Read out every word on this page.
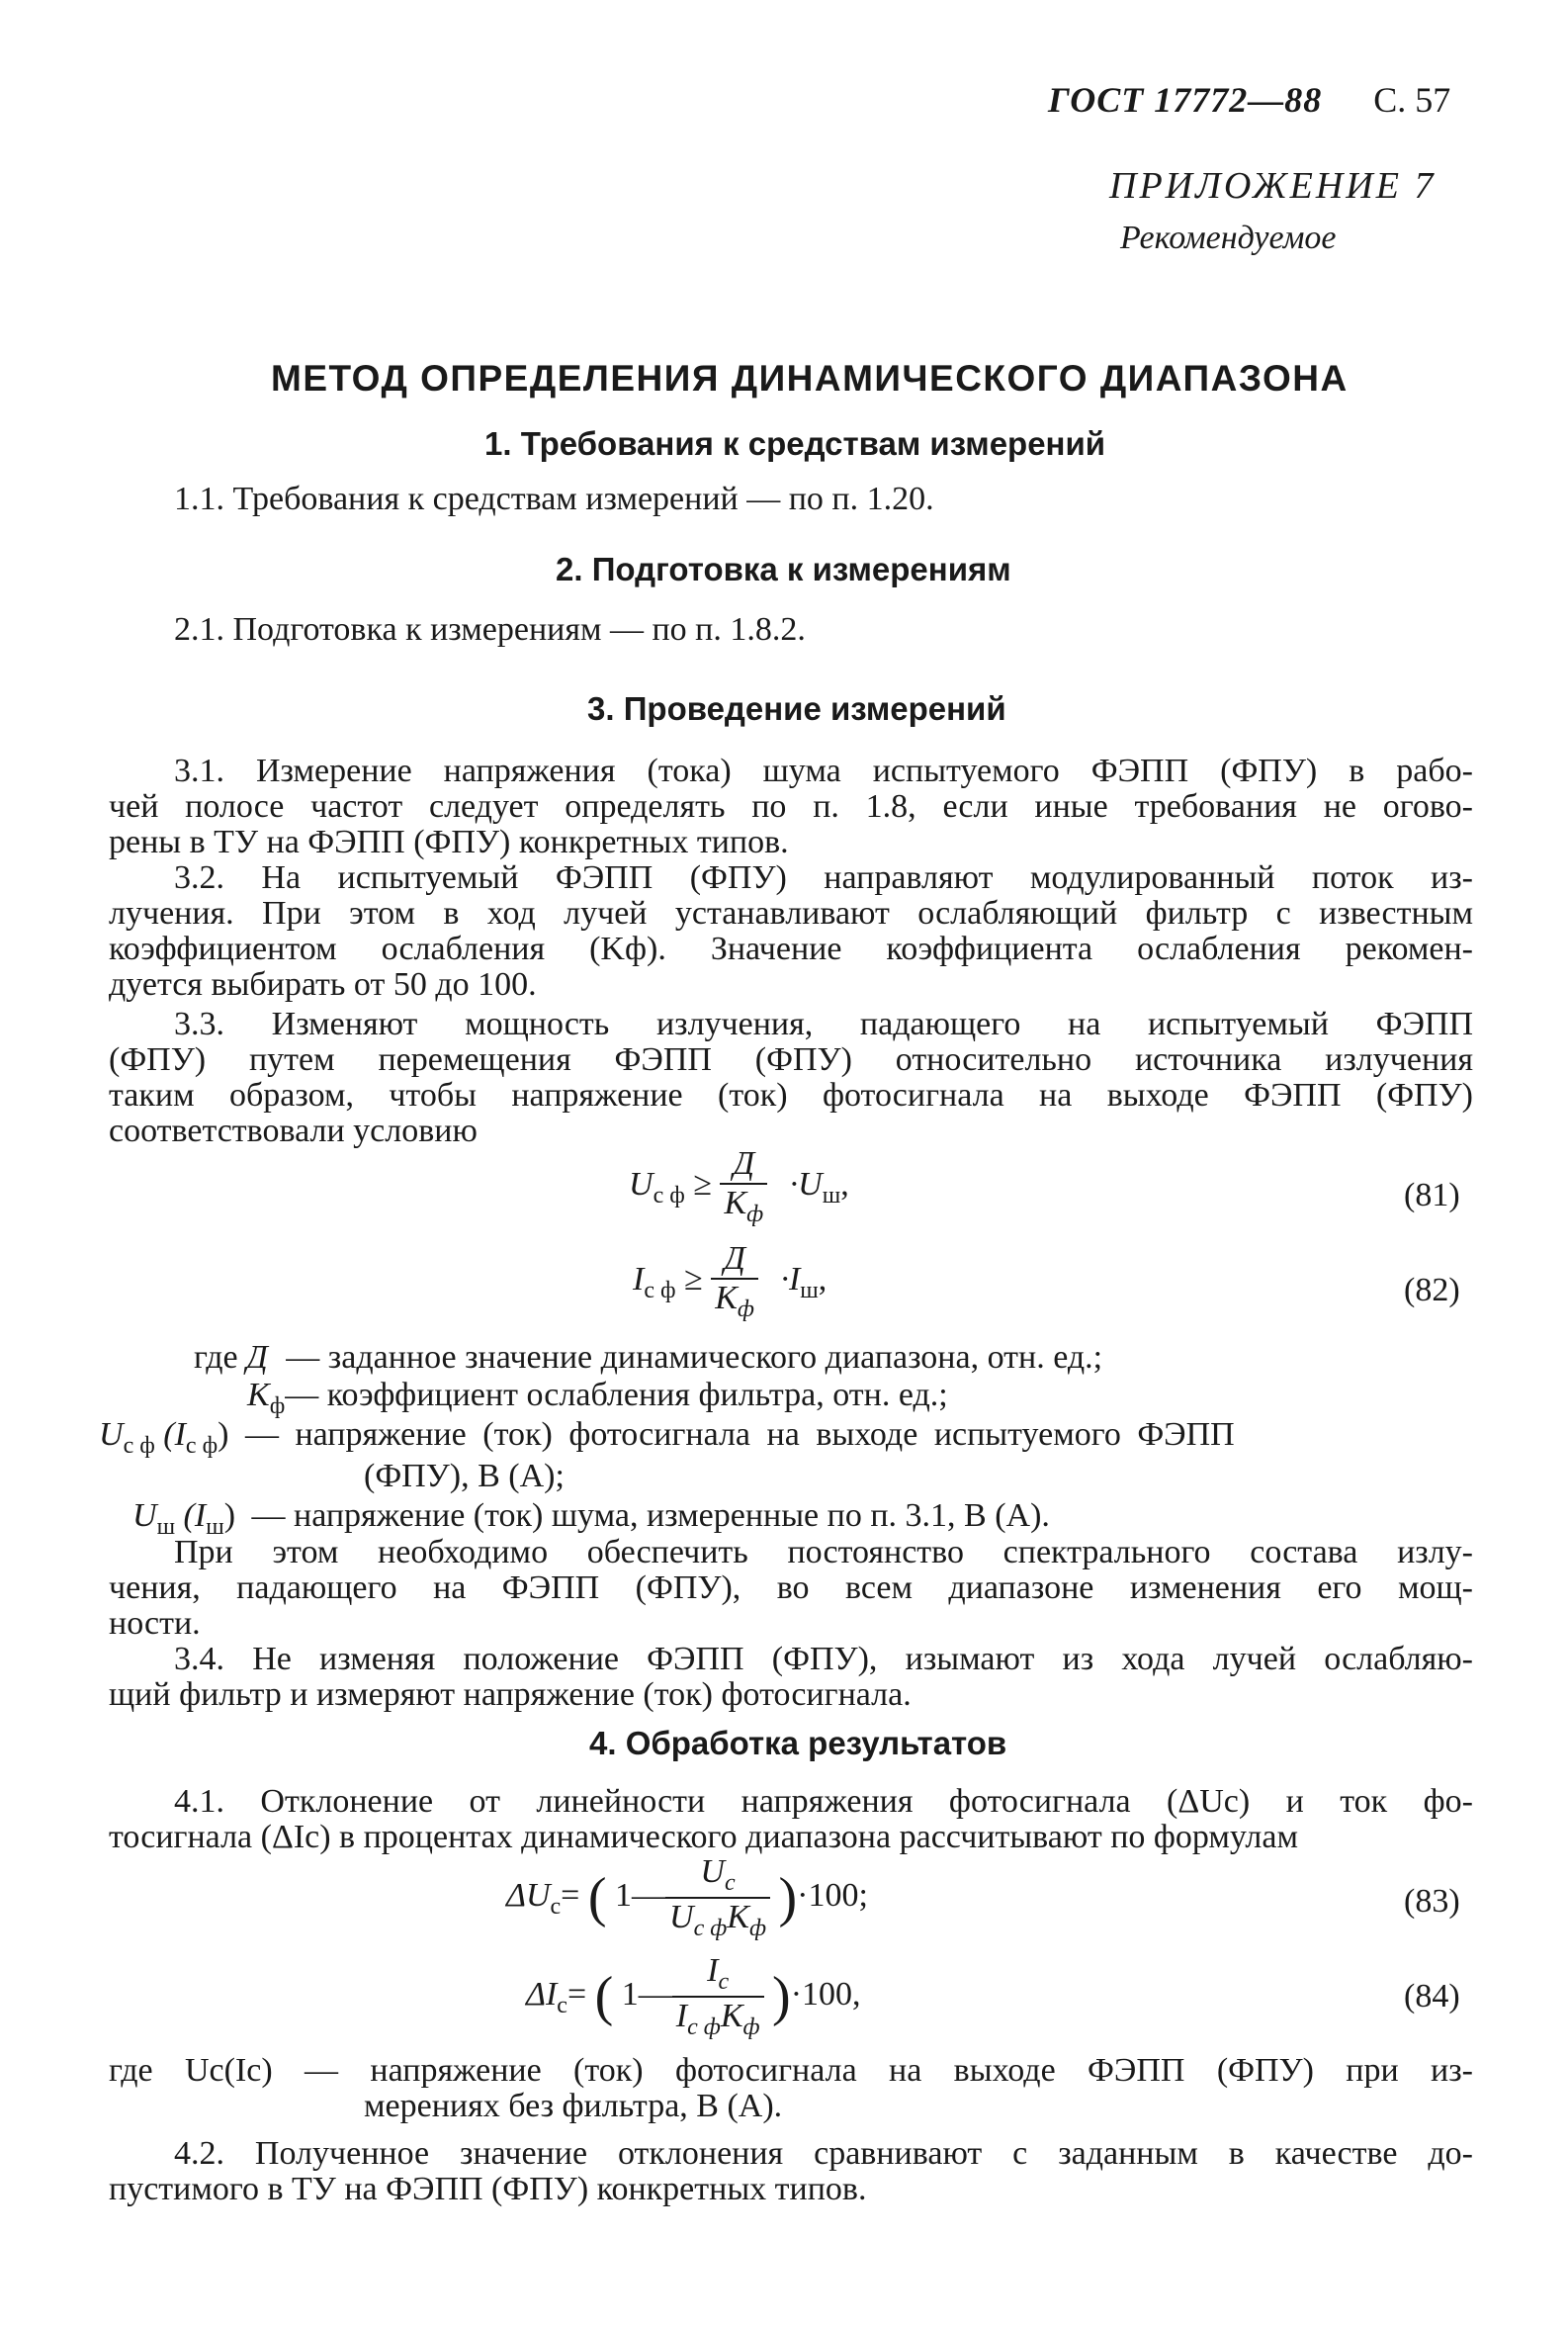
ГОСТ 17772—88 С. 57
ПРИЛОЖЕНИЕ 7
Рекомендуемое
МЕТОД ОПРЕДЕЛЕНИЯ ДИНАМИЧЕСКОГО ДИАПАЗОНА
1. Требования к средствам измерений
1.1. Требования к средствам измерений — по п. 1.20.
2. Подготовка к измерениям
2.1. Подготовка к измерениям — по п. 1.8.2.
3. Проведение измерений
3.1. Измерение напряжения (тока) шума испытуемого ФЭПП (ФПУ) в рабо-
чей полосе частот следует определять по п. 1.8, если иные требования не огово-
рены в ТУ на ФЭПП (ФПУ) конкретных типов.
3.2. На испытуемый ФЭПП (ФПУ) направляют модулированный поток из-
лучения. При этом в ход лучей устанавливают ослабляющий фильтр с известным
коэффициентом ослабления (Kф). Значение коэффициента ослабления рекомен-
дуется выбирать от 50 до 100.
3.3. Изменяют мощность излучения, падающего на испытуемый ФЭПП
(ФПУ) путем перемещения ФЭПП (ФПУ) относительно источника излучения
таким образом, чтобы напряжение (ток) фотосигнала на выходе ФЭПП (ФПУ)
соответствовали условию
$U_{с ф} \ge \frac{Д}{K_ф} \cdot U_ш$,	(81)
$I_{с ф} \ge \frac{Д}{K_ф} \cdot I_ш$,	(82)
где Д — заданное значение динамического диапазона, отн. ед.;
$K_ф—$ коэффициент ослабления фильтра, отн. ед.;
$U_{с ф}$ $(I_{с ф})$ — напряжение (ток) фотосигнала на выходе испытуемого ФЭПП
(ФПУ), В (А);
$U_ш$ $(I_ш)$ — напряжение (ток) шума, измеренные по п. 3.1, В (А).
При этом необходимо обеспечить постоянство спектрального состава излу-
чения, падающего на ФЭПП (ФПУ), во всем диапазоне изменения его мощ-
ности.
3.4. Не изменяя положение ФЭПП (ФПУ), изымают из хода лучей ослабляю-
щий фильтр и измеряют напряжение (ток) фотосигнала.
4. Обработка результатов
4.1. Отклонение от линейности напряжения фотосигнала (ΔUс) и ток фо-
тосигнала (ΔIс) в процентах динамического диапазона рассчитывают по формулам
$\Delta U_с=$ ( 1— $\frac{U_с}{U_{с ф}K_ф} )\cdot 100$;	(83)
$\Delta I_с=$ ( 1— $\frac{I_с}{I_{с ф}K_ф} )\cdot 100$,	(84)
где Uс(Iс) — напряжение (ток) фотосигнала на выходе ФЭПП (ФПУ) при из-
мерениях без фильтра, В (А).
4.2. Полученное значение отклонения сравнивают с заданным в качестве до-
пустимого в ТУ на ФЭПП (ФПУ) конкретных типов.
